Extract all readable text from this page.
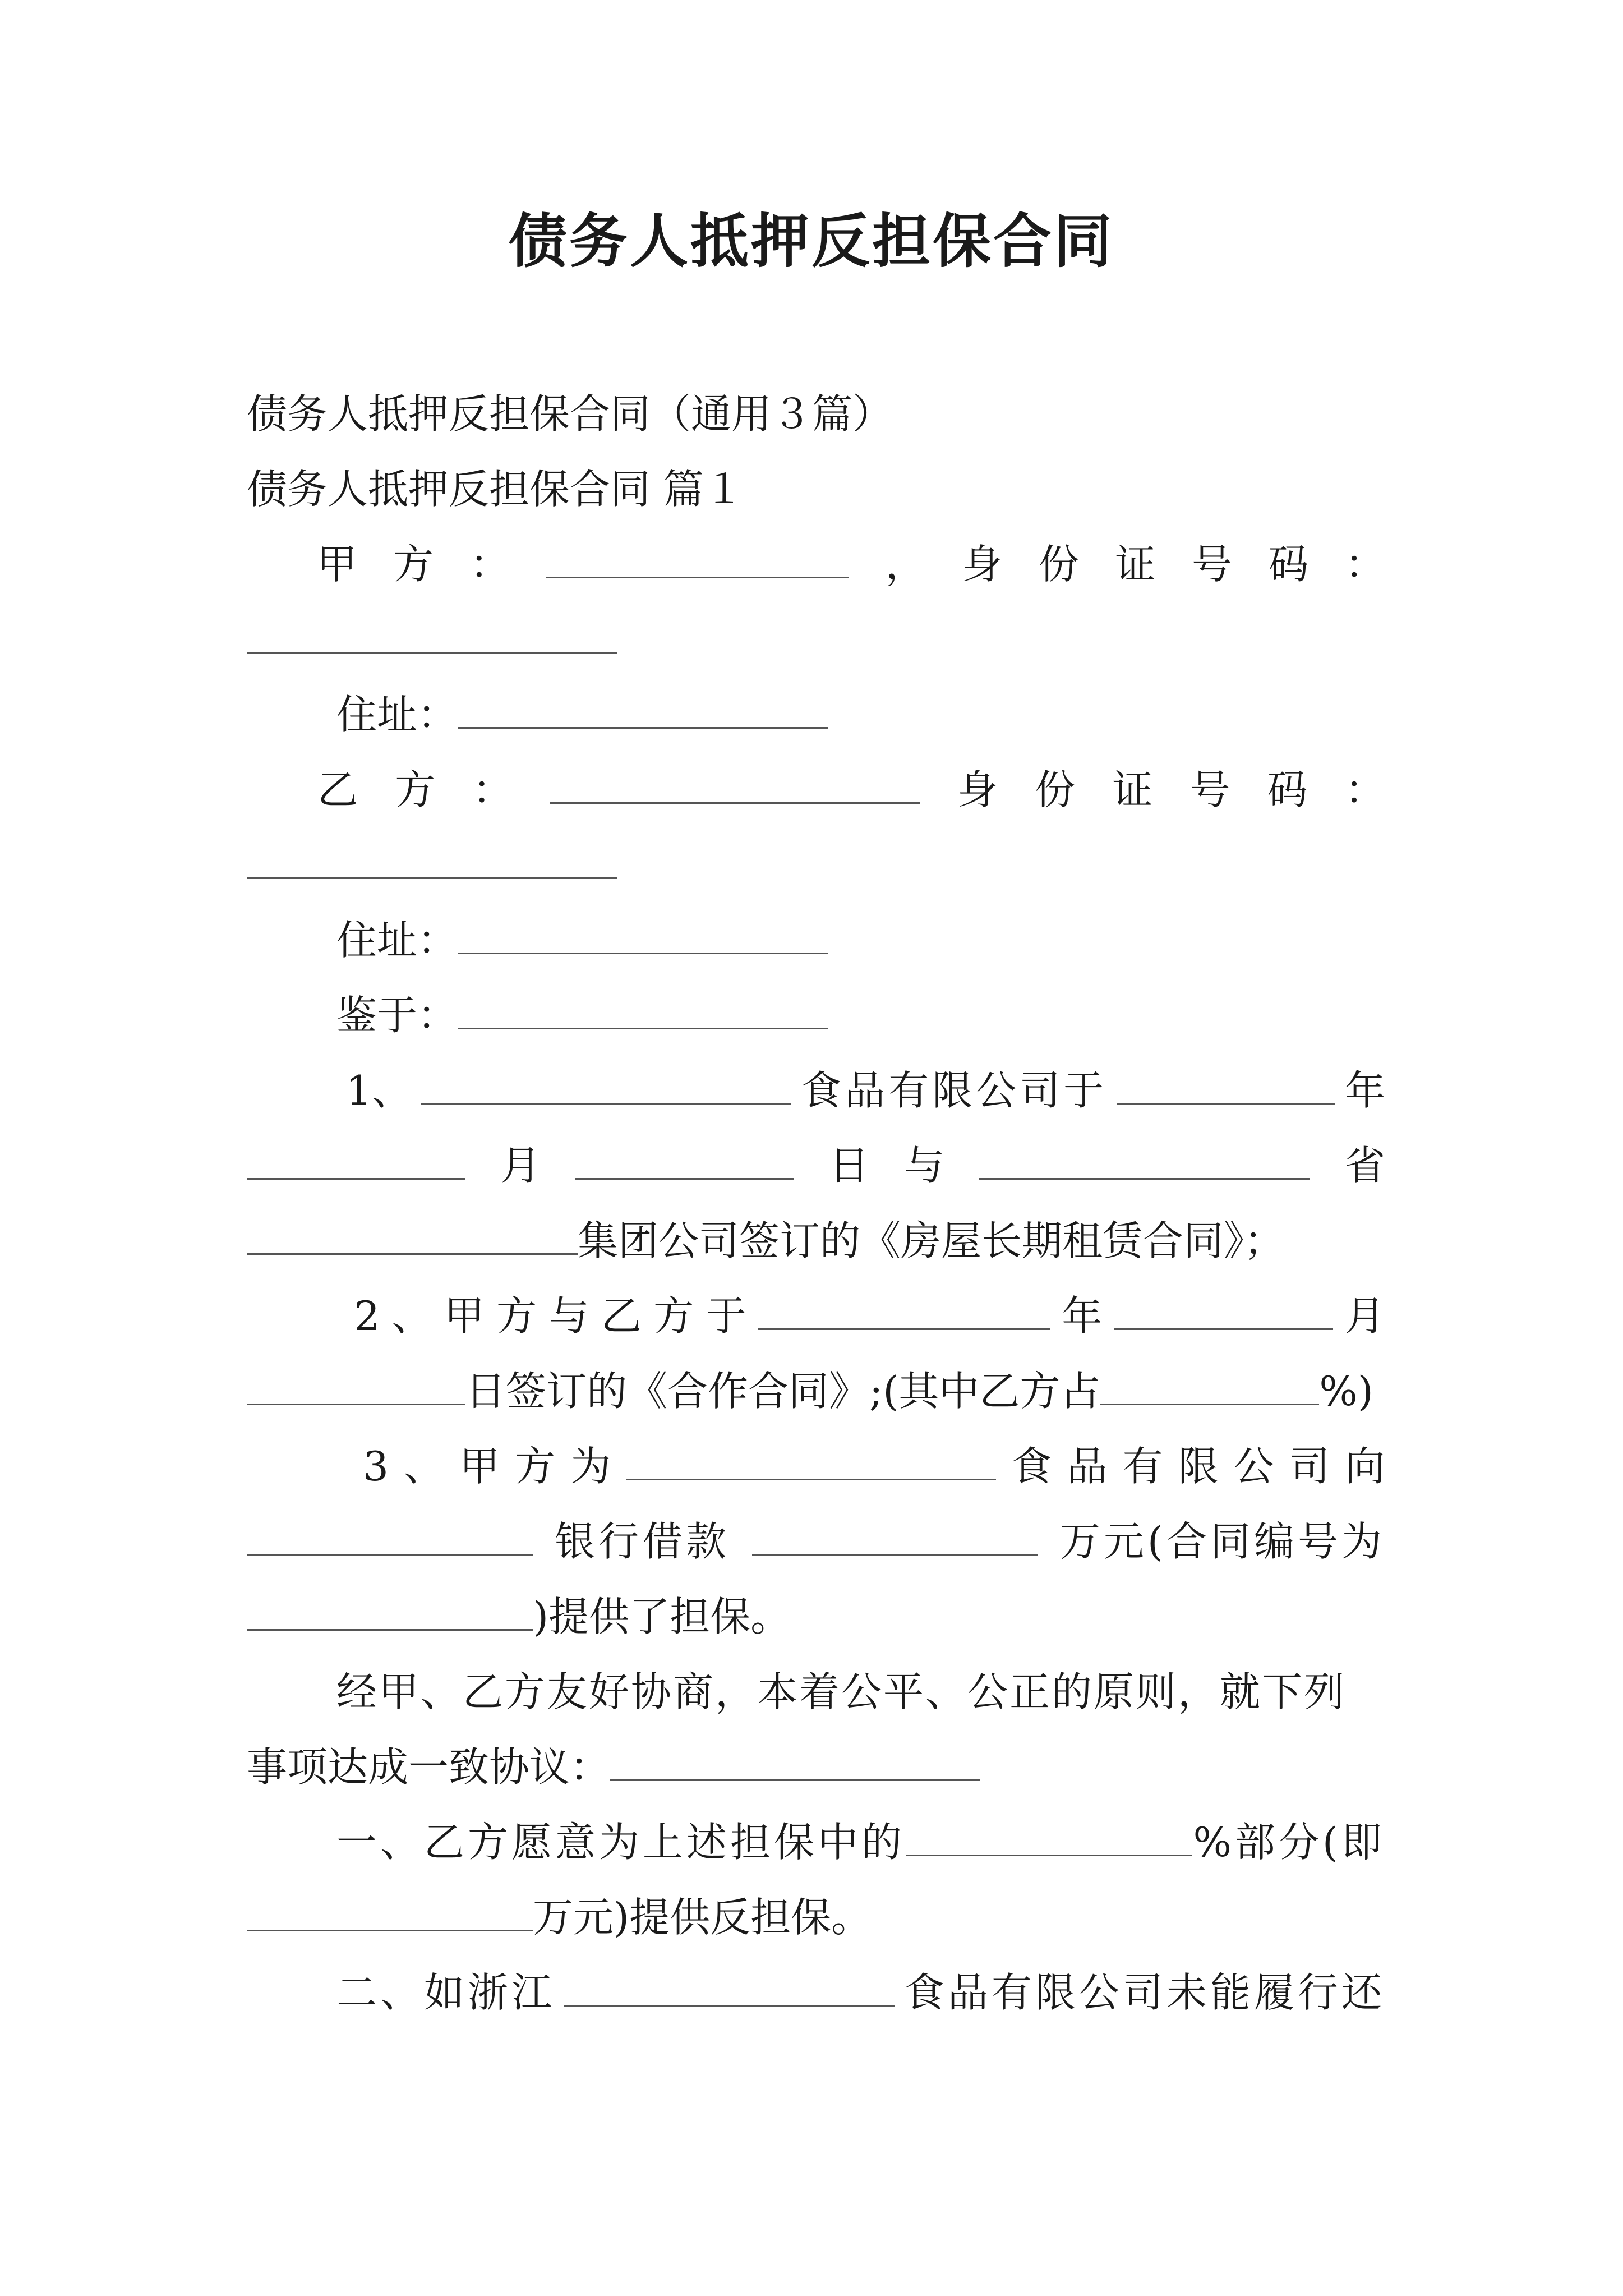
债务人抵押反担保合同
债务人抵押反担保合同（通用３篇）
债务人抵押反担保合同 篇１
甲 方 ：	， 身 份 证 号 码 ：
住址：
乙 方 ：	身 份 证 号 码 ：
住址：
鉴于：
1、	食品有限公司于	年
月	日 与	省
集团公司签订的《房屋长期租赁合同》；
2 、 甲 方 与 乙 方 于	年	月
日签订的《合作合同》;(其中乙方占	%)
3 、 甲 方 为	食 品 有 限 公 司 向
银行借款	万元(合同编号为
)提供了担保。
经甲、乙方友好协商，本着公平、公正的原则，就下列
事项达成一致协议：
一、乙方愿意为上述担保中的	%部分(即
万元)提供反担保。
二、如浙江	食品有限公司未能履行还
